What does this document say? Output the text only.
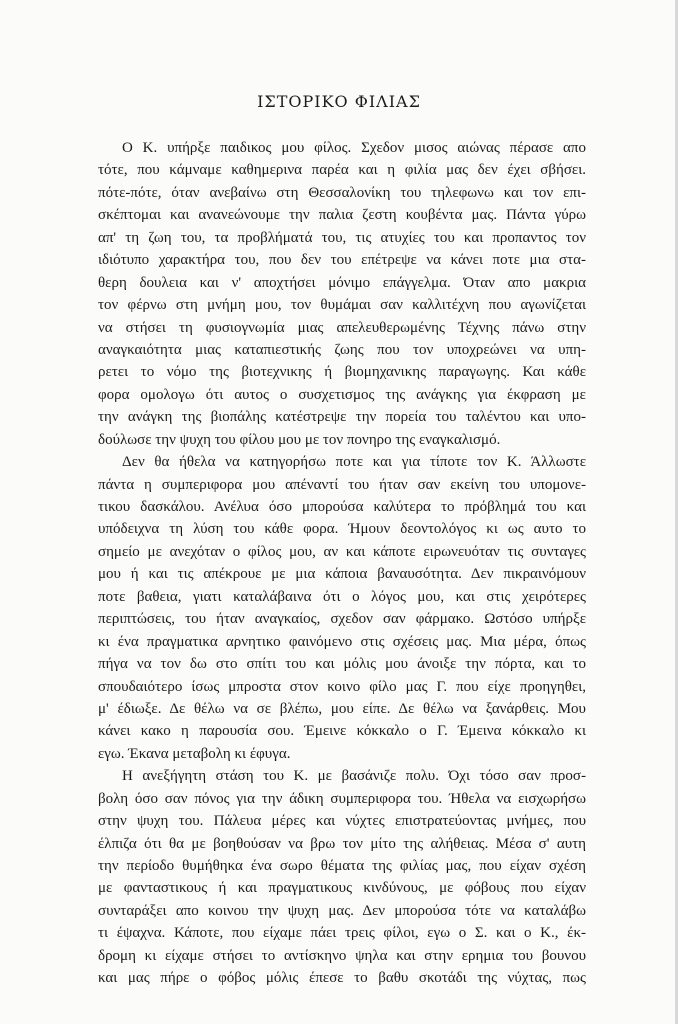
ΙΣΤΟΡΙΚΟ ΦΙΛΙΑΣ
Ο Κ. υπήρξε παιδικος μου φίλος. Σχεδον μισος αιώνας πέρασε απο
τότε, που κάμναμε καθημερινα παρέα και η φιλία μας δεν έχει σβήσει.
πότε-πότε, όταν ανεβαίνω στη Θεσσαλονίκη του τηλεφωνω και τον επι-
σκέπτομαι και ανανεώνουμε την παλια ζεστη κουβέντα μας. Πάντα γύρω
απ' τη ζωη του, τα προβλήματά του, τις ατυχίες του και προπαντος τον
ιδιότυπο χαρακτήρα του, που δεν του επέτρεψε να κάνει ποτε μια στα-
θερη δουλεια και ν' αποχτήσει μόνιμο επάγγελμα. Όταν απο μακρια
τον φέρνω στη μνήμη μου, τον θυμάμαι σαν καλλιτέχνη που αγωνίζεται
να στήσει τη φυσιογνωμία μιας απελευθερωμένης Τέχνης πάνω στην
αναγκαιότητα μιας καταπιεστικής ζωης που τον υποχρεώνει να υπη-
ρετει το νόμο της βιοτεχνικης ή βιομηχανικης παραγωγης. Και κάθε
φορα ομολογω ότι αυτος ο συσχετισμος της ανάγκης για έκφραση με
την ανάγκη της βιοπάλης κατέστρεψε την πορεία του ταλέντου και υπο-
δούλωσε την ψυχη του φίλου μου με τον πονηρο της εναγκαλισμό.
Δεν θα ήθελα να κατηγορήσω ποτε και για τίποτε τον Κ. Άλλωστε
πάντα η συμπεριφορα μου απέναντί του ήταν σαν εκείνη του υπομονε-
τικου δασκάλου. Ανέλυα όσο μπορούσα καλύτερα το πρόβλημά του και
υπόδειχνα τη λύση του κάθε φορα. Ήμουν δεοντολόγος κι ως αυτο το
σημείο με ανεχόταν ο φίλος μου, αν και κάποτε ειρωνευόταν τις συνταγες
μου ή και τις απέκρουε με μια κάποια βαναυσότητα. Δεν πικραινόμουν
ποτε βαθεια, γιατι καταλάβαινα ότι ο λόγος μου, και στις χειρότερες
περιπτώσεις, του ήταν αναγκαίος, σχεδον σαν φάρμακο. Ωστόσο υπήρξε
κι ένα πραγματικα αρνητικο φαινόμενο στις σχέσεις μας. Μια μέρα, όπως
πήγα να τον δω στο σπίτι του και μόλις μου άνοιξε την πόρτα, και το
σπουδαιότερο ίσως μπροστα στον κοινο φίλο μας Γ. που είχε προηγηθει,
μ' έδιωξε. Δε θέλω να σε βλέπω, μου είπε. Δε θέλω να ξανάρθεις. Μου
κάνει κακο η παρουσία σου. Έμεινε κόκκαλο ο Γ. Έμεινα κόκκαλο κι
εγω. Έκανα μεταβολη κι έφυγα.
Η ανεξήγητη στάση του Κ. με βασάνιζε πολυ. Όχι τόσο σαν προσ-
βολη όσο σαν πόνος για την άδικη συμπεριφορα του. Ήθελα να εισχωρήσω
στην ψυχη του. Πάλευα μέρες και νύχτες επιστρατεύοντας μνήμες, που
έλπιζα ότι θα με βοηθούσαν να βρω τον μίτο της αλήθειας. Μέσα σ' αυτη
την περίοδο θυμήθηκα ένα σωρο θέματα της φιλίας μας, που είχαν σχέση
με φανταστικους ή και πραγματικους κινδύνους, με φόβους που είχαν
συνταράξει απο κοινου την ψυχη μας. Δεν μπορούσα τότε να καταλάβω
τι έψαχνα. Κάποτε, που είχαμε πάει τρεις φίλοι, εγω ο Σ. και ο Κ., έκ-
δρομη κι είχαμε στήσει το αντίσκηνο ψηλα και στην ερημια του βουνου
και μας πήρε ο φόβος μόλις έπεσε το βαθυ σκοτάδι της νύχτας, πως
